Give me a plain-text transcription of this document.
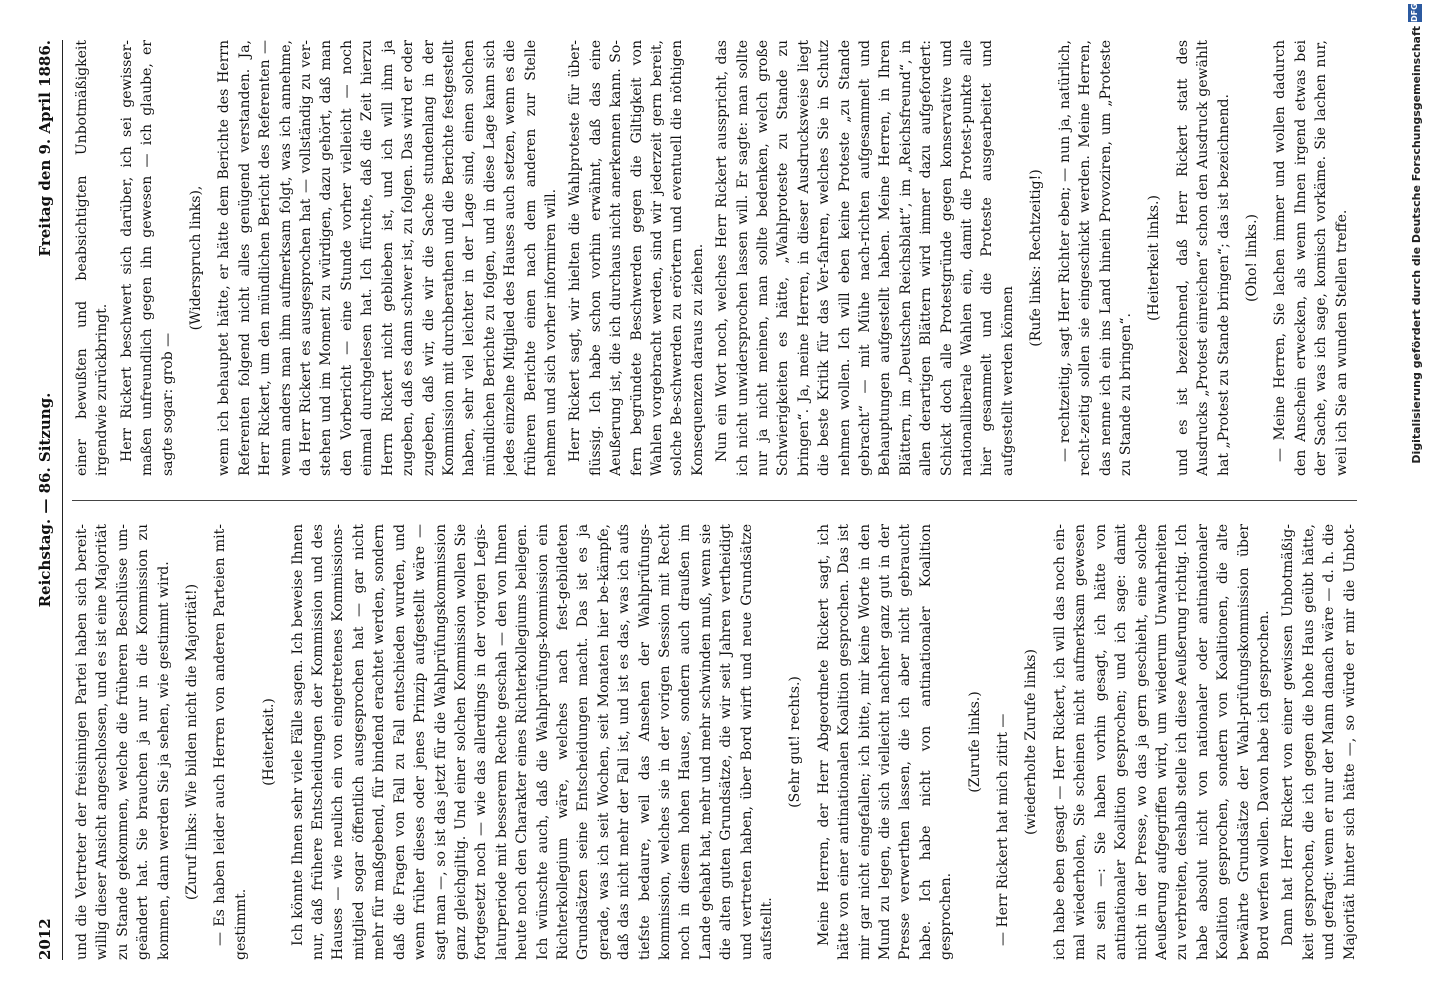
2012
Reichstag. — 86. Sitzung.
Freitag den 9. April 1886.

und die Vertreter der freisinnigen Partei haben sich bereit-willig dieser Ansicht angeschlossen, und es ist eine Majorität zu Stande gekommen, welche die früheren Beschlüsse um-geändert hat. Sie brauchen ja nur in die Kommission zu kommen, dann werden Sie ja sehen, wie gestimmt wird. (Zuruf links: Wie bilden nicht die Majorität!) — Es haben leider auch Herren von anderen Parteien mit-gestimmt.

(Heiterkeit.) Ich könnte Ihnen sehr viele Fälle sagen. Ich beweise Ihnen nur, daß frühere Entscheidungen der Kommission und des Hauses — wie neulich ein von eingetretenes Kommissions-mitglied sogar öffentlich ausgesprochen hat — gar nicht mehr für maßgebend, für bindend erachtet werden, sondern daß die Fragen von Fall zu Fall entschieden wurden, und wenn früher dieses oder jenes Prinzip aufgestellt wäre — sagt man —, so ist das jetzt für die Wahlprüfungskommission ganz gleichgiltig. Und einer solchen Kommission wollen Sie fortgesetzt noch — wie das allerdings in der vorigen Legis-laturperiode mit besserem Rechte geschah — den von Ihnen heute noch den Charakter eines Richterkollegiums beilegen. Ich wünschte auch, daß die Wahlprüfungs-kommission ein Richterkollegium wäre, welches nach fest-gebildeten Grundsätzen seine Entscheidungen macht. Das ist es ja gerade, was ich seit Wochen, seit Monaten hier be-kämpfe, daß das nicht mehr der Fall ist, und ist es das, was ich aufs tiefste bedaure, weil das Ansehen der Wahlprüfungs-kommission, welches sie in der vorigen Session mit Recht noch in diesem hohen Hause, sondern auch draußen im Lande gehabt hat, mehr und mehr schwinden muß, wenn sie die alten guten Grundsätze, die wir seit Jahren vertheidigt und vertreten haben, über Bord wirft und neue Grundsätze aufstellt.

(Sehr gut! rechts.) Meine Herren, der Herr Abgeordnete Rickert sagt, ich hätte von einer antinationalen Koalition gesprochen. Das ist mir gar nicht eingefallen; ich bitte, mir keine Worte in den Mund zu legen, die sich vielleicht nachher ganz gut in der Presse verwerthen lassen, die ich aber nicht gebraucht habe. Ich habe nicht von antinationaler Koalition gesprochen.

(Zurufe links.) — Herr Rickert hat mich zitirt — (wiederholte Zurufe links) ich habe eben gesagt — Herr Rickert, ich will das noch ein-mal wiederholen, Sie scheinen nicht aufmerksam gewesen zu sein —: Sie haben vorhin gesagt, ich hätte von antinationaler Koalition gesprochen; und ich sage: damit nicht in der Presse, wo das ja gern geschieht, eine solche Aeußerung aufgegriffen wird, um wiederum Unwahrheiten zu verbreiten, deshalb stelle ich diese Aeußerung richtig. Ich habe absolut nicht von nationaler oder antinationaler Koalition gesprochen, sondern von Koalitionen, die alte bewährte Grundsätze der Wahl-prüfungskommission über Bord werfen wollen. Davon habe ich gesprochen. Dann hat Herr Rickert von einer gewissen Unbotmäßig-keit gesprochen, die ich gegen die hohe Haus geübt hätte, und gefragt: wenn er nur der Mann danach wäre — d. h. die Majorität hinter sich hätte —, so würde er mir die Unbot-

einer bewußten und beabsichtigten Unbotmäßigkeit irgendwie zurückbringt. Herr Rickert beschwert sich darüber, ich sei gewisser-maßen unfreundlich gegen ihn gewesen — ich glaube, er sagte sogar: grob —

(Widerspruch links), wenn ich behauptet hätte, er hätte dem Berichte des Herrn Referenten folgend nicht alles genügend verstanden. Ja, Herr Rickert, um den mündlichen Bericht des Referenten — wenn anders man ihm aufmerksam folgt, was ich annehme, da Herr Rickert es ausgesprochen hat — vollständig zu ver-stehen und im Moment zu würdigen, dazu gehört, daß man den Vorbericht — eine Stunde vorher vielleicht — noch einmal durchgelesen hat. Ich fürchte, daß die Zeit hierzu Herrn Rickert nicht geblieben ist, und ich will ihm ja zugeben, daß es dann schwer ist, zu folgen. Das wird er oder zugeben, daß wir, die wir die Sache stundenlang in der Kommission mit durchberathen und die Berichte festgestellt haben, sehr viel leichter in der Lage sind, einen solchen mündlichen Berichte zu folgen, und in diese Lage kann sich jedes einzelne Mitglied des Hauses auch setzen, wenn es die früheren Berichte einen nach dem anderen zur Stelle nehmen und sich vorher informiren will. Herr Rickert sagt, wir hielten die Wahlproteste für über-flüssig. Ich habe schon vorhin erwähnt, daß das eine Aeußerung ist, die ich durchaus nicht anerkennen kann. So-fern begründete Beschwerden gegen die Giltigkeit von Wahlen vorgebracht werden, sind wir jederzeit gern bereit, solche Be-schwerden zu erörtern und eventuell die nöthigen Konsequenzen daraus zu ziehen. Nun ein Wort noch, welches Herr Rickert ausspricht, das ich nicht unwidersprochen lassen will. Er sagte: man sollte nur ja nicht meinen, man sollte bedenken, welch große Schwierigkeiten es hätte, „Wahlproteste zu Stande zu bringen“. Ja, meine Herren, in dieser Ausdrucksweise liegt die beste Kritik für das Ver-fahren, welches Sie in Schutz nehmen wollen. Ich will eben keine Proteste „zu Stande gebracht“ — mit Mühe nach-richten aufgesammelt und Behauptungen aufgestellt haben. Meine Herren, in Ihren Blättern, im „Deutschen Reichsblatt“, im „Reichsfreund“, in allen derartigen Blättern wird immer dazu aufgefordert: Schickt doch alle Protestgründe gegen konservative und nationalliberale Wahlen ein, damit die Protest-punkte alle hier gesammelt und die Proteste ausgearbeitet und aufgestellt werden können

(Rufe links: Rechtzeitig!) — rechtzeitig, sagt Herr Richter eben; — nun ja, natürlich, recht-zeitig sollen sie eingeschickt werden. Meine Herren, das nenne ich ein ins Land hinein Provoziren, um „Proteste zu Stande zu bringen“.

(Heiterkeit links.) und es ist bezeichnend, daß Herr Rickert statt des Ausdrucks „Protest einreichen“ schon den Ausdruck gewählt hat „Protest zu Stande bringen“; das ist bezeichnend. (Oho! links.) — Meine Herren, Sie lachen immer und wollen dadurch den Anschein erwecken, als wenn Ihnen irgend etwas bei der Sache, was ich sage, komisch vorkäme. Sie lachen nur, weil ich Sie an wunden Stellen treffe.	Digitalisierung gefördert durch die Deutsche Forschungsgemeinschaft
DFG
